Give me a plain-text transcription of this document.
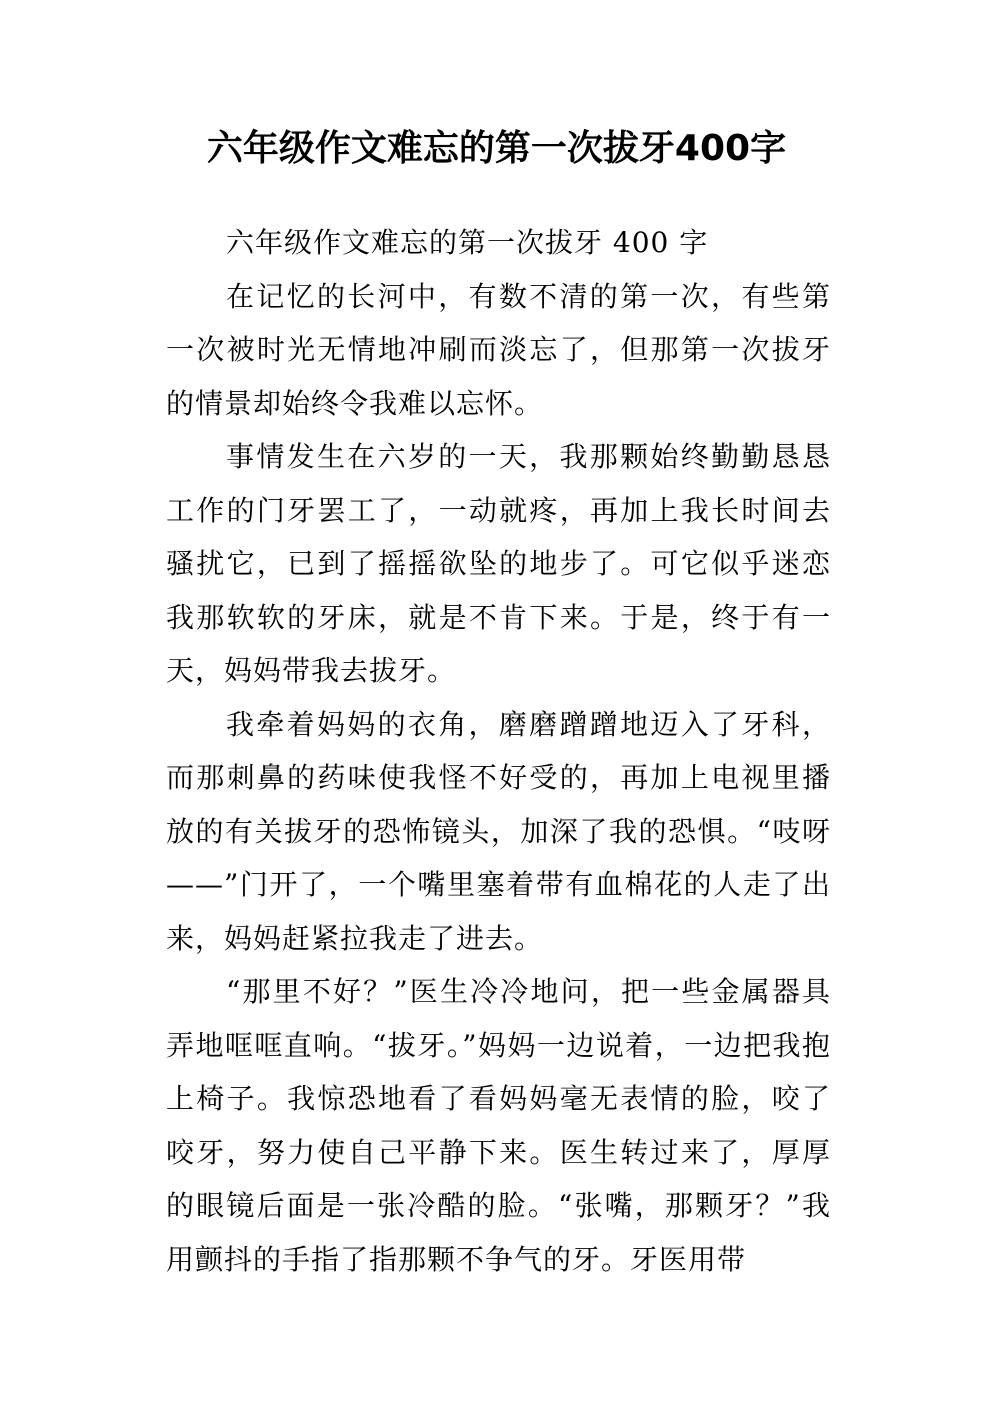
六年级作文难忘的第一次拔牙400字

六年级作文难忘的第一次拔牙 400 字

在记忆的长河中，有数不清的第一次，有些第一次被时光无情地冲刷而淡忘了，但那第一次拔牙的情景却始终令我难以忘怀。

事情发生在六岁的一天，我那颗始终勤勤恳恳工作的门牙罢工了，一动就疼，再加上我长时间去骚扰它，已到了摇摇欲坠的地步了。可它似乎迷恋我那软软的牙床，就是不肯下来。于是，终于有一天，妈妈带我去拔牙。

我牵着妈妈的衣角，磨磨蹭蹭地迈入了牙科，而那刺鼻的药味使我怪不好受的，再加上电视里播放的有关拔牙的恐怖镜头，加深了我的恐惧。“吱呀——”门开了，一个嘴里塞着带有血棉花的人走了出来，妈妈赶紧拉我走了进去。

“那里不好？”医生冷冷地问，把一些金属器具弄地哐哐直响。“拔牙。”妈妈一边说着，一边把我抱上椅子。我惊恐地看了看妈妈毫无表情的脸，咬了咬牙，努力使自己平静下来。医生转过来了，厚厚的眼镜后面是一张冷酷的脸。“张嘴，那颗牙？”我用颤抖的手指了指那颗不争气的牙。牙医用带
